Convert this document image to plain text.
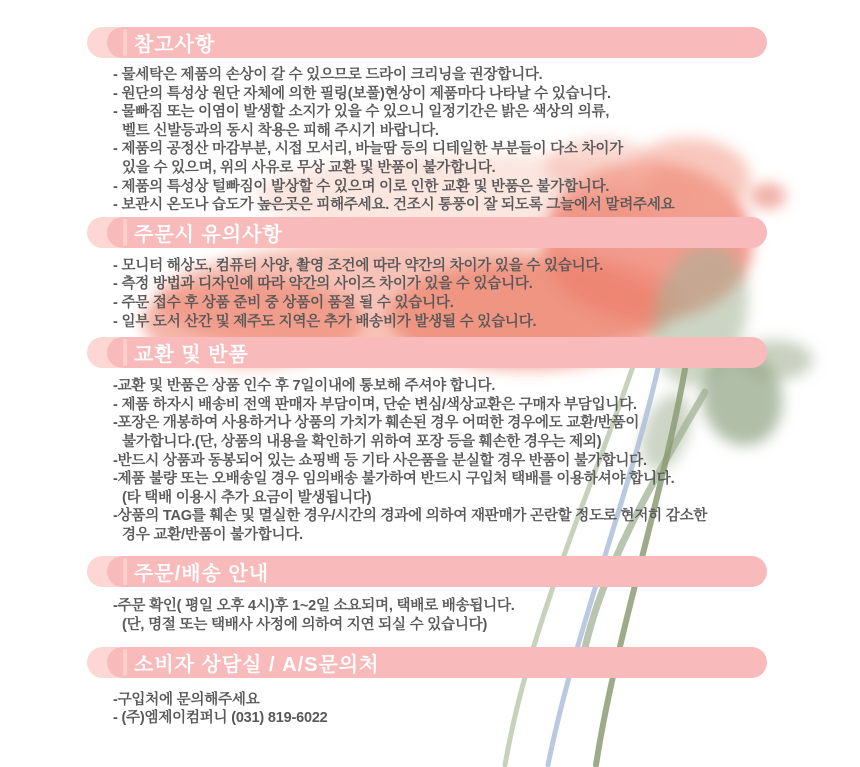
참고사항
- 물세탁은 제품의 손상이 갈 수 있으므로 드라이 크리닝을 권장합니다.
- 원단의 특성상 원단 자체에 의한 필링(보풀)현상이 제품마다 나타날 수 있습니다.
- 물빠짐 또는 이염이 발생할 소지가 있을 수 있으니 일정기간은 밝은 색상의 의류,
벨트 신발등과의 동시 착용은 피해 주시기 바랍니다.
- 제품의 공정산 마감부분, 시접 모서리, 바늘땀 등의 디테일한 부분들이 다소 차이가
있을 수 있으며, 위의 사유로 무상 교환 및 반품이 불가합니다.
- 제품의 특성상 털빠짐이 발상할 수 있으며 이로 인한 교환 및 반품은 불가합니다.
- 보관시 온도나 습도가 높은곳은 피해주세요. 건조시 통풍이 잘 되도록 그늘에서 말려주세요
주문시 유의사항
- 모니터 해상도, 컴퓨터 사양, 촬영 조건에 따라 약간의 차이가 있을 수 있습니다.
- 측정 방법과 디자인에 따라 약간의 사이즈 차이가 있을 수 있습니다.
- 주문 접수 후 상품 준비 중 상품이 품절 될 수 있습니다.
- 일부 도서 산간 및 제주도 지역은 추가 배송비가 발생될 수 있습니다.
교환 및 반품
-교환 및 반품은 상품 인수 후 7일이내에 통보해 주셔야 합니다.
- 제품 하자시 배송비 전액 판매자 부담이며, 단순 변심/색상교환은 구매자 부담입니다.
-포장은 개봉하여 사용하거나 상품의 가치가 훼손된 경우 어떠한 경우에도 교환/반품이
불가합니다.(단, 상품의 내용을 확인하기 위하여 포장 등을 훼손한 경우는 제외)
-반드시 상품과 동봉되어 있는 쇼핑백 등 기타 사은품을 분실할 경우 반품이 불가합니다.
-제품 불량 또는 오배송일 경우 임의배송 불가하여 반드시 구입처 택배를 이용하셔야 합니다.
(타 택배 이용시 추가 요금이 발생됩니다)
-상품의 TAG를 훼손 및 멸실한 경우/시간의 경과에 의하여 재판매가 곤란할 정도로 현저히 감소한
경우 교환/반품이 불가합니다.
주문/배송 안내
-주문 확인( 평일 오후 4시)후 1~2일 소요되며, 택배로 배송됩니다.
(단, 명절 또는 택배사 사정에 의하여 지연 되실 수 있습니다)
소비자 상담실 / A/S문의처
-구입처에 문의해주세요
- (주)엠제이컴퍼니 (031) 819-6022
